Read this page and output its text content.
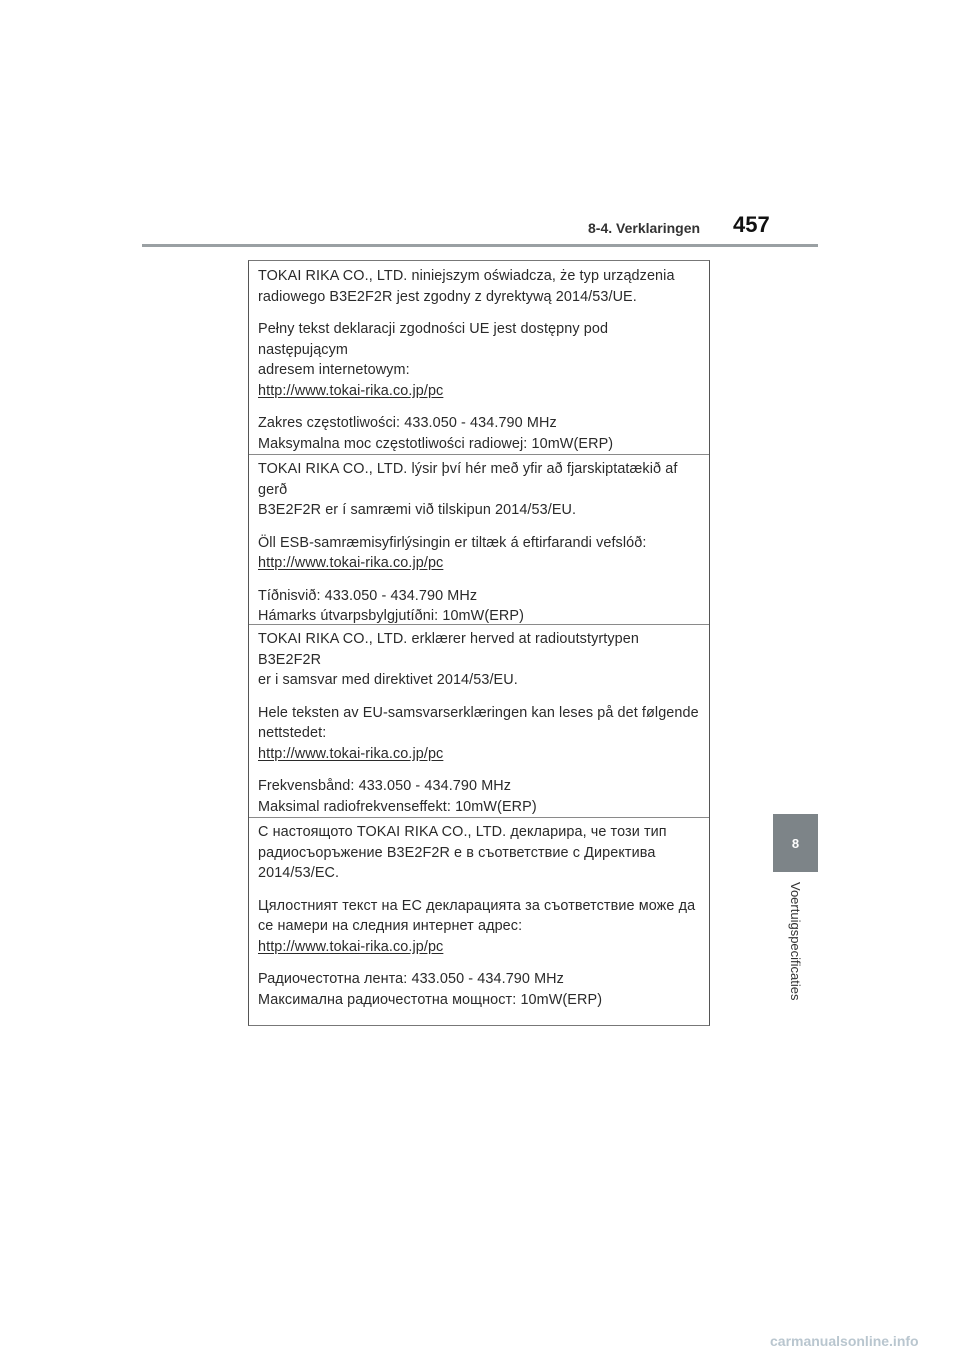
8-4. Verklaringen 457

TOKAI RIKA CO., LTD. niniejszym oświadcza, że typ urządzenia
radiowego B3E2F2R jest zgodny z dyrektywą 2014/53/UE.

Pełny tekst deklaracji zgodności UE jest dostępny pod następującym
adresem internetowym:
http://www.tokai-rika.co.jp/pc

Zakres częstotliwości: 433.050 - 434.790 MHz
Maksymalna moc częstotliwości radiowej: 10mW(ERP)

TOKAI RIKA CO., LTD. lýsir því hér með yfir að fjarskiptatækið af gerð
B3E2F2R er í samræmi við tilskipun 2014/53/EU.

Öll ESB-samræmisyfirlýsingin er tiltæk á eftirfarandi vefslóð:
http://www.tokai-rika.co.jp/pc

Tíðnisvið: 433.050 - 434.790 MHz
Hámarks útvarpsbylgjutíðni: 10mW(ERP)

TOKAI RIKA CO., LTD. erklærer herved at radioutstyrtypen B3E2F2R
er i samsvar med direktivet 2014/53/EU.

Hele teksten av EU-samsvarserklæringen kan leses på det følgende
nettstedet:
http://www.tokai-rika.co.jp/pc

Frekvensbånd: 433.050 - 434.790 MHz
Maksimal radiofrekvenseffekt: 10mW(ERP)

С настоящото TOKAI RIKA CO., LTD. декларира, че този тип
радиосъоръжение B3E2F2R е в съответствие с Директива
2014/53/ЕС.

Цялостният текст на ЕС декларацията за съответствие може да
се намери на следния интернет адрес:
http://www.tokai-rika.co.jp/pc

Радиочестотна лента: 433.050 - 434.790 MHz
Максимална радиочестотна мощност: 10mW(ERP)

8
Voertuigspecificaties
carmanualsonline.info
